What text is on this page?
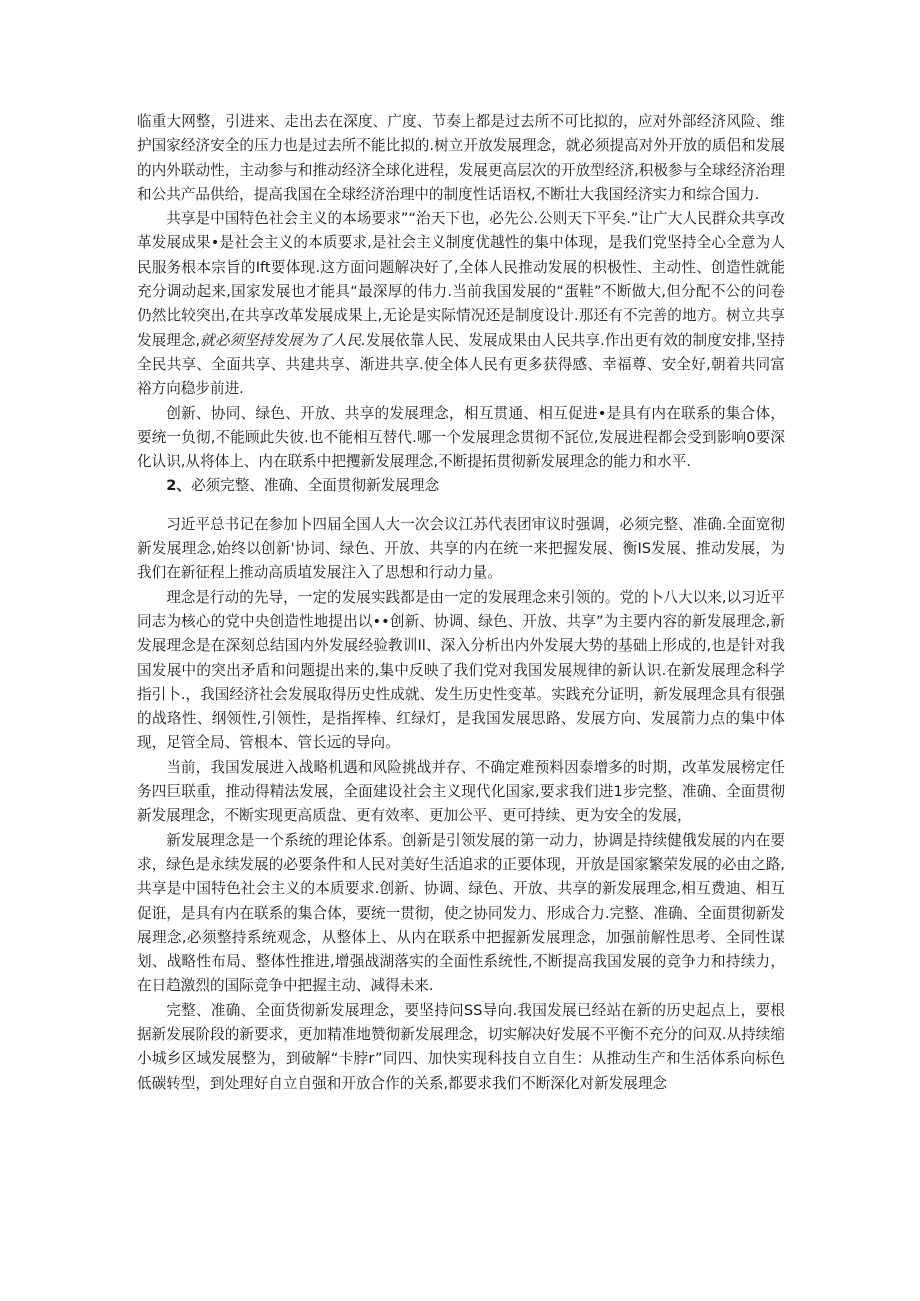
临重大网整，引进来、走出去在深度、广度、节奏上都是过去所不可比拟的，应对外部经济风险、维护国家经济安全的压力也是过去所不能比拟的.树立开放发展理念，就必须提高对外开放的质侣和发展的内外联动性，主动参与和推动经济全球化进程，发展更高层次的开放型经济,积极参与全球经济治理和公共产品供给，提高我国在全球经济治理中的制度性话语权,不断壮大我国经济实力和综合国力.

共享是中国特色社会主义的本场要求”“治天下也，必先公.公则天下平矣.”让广大人民群众共享改革发展成果•是社会主义的本质要求,是社会主义制度优越性的集中体现，是我们党坚持全心全意为人民服务根本宗旨的Ift要体现.这方面问题解决好了,全体人民推动发展的枳极性、主动性、创造性就能充分调动起来,国家发展也才能具“最深厚的伟力.当前我国发展的“蛋鞋”不断做大,但分配不公的问卷仍然比较突出,在共享改革发展成果上,无论是实际情况还是制度设计.那还有不完善的地方。树立共享发展理念,就必须坚持发展为了人民.发展依靠人民、发展成果由人民共享.作出更有效的制度安排,坚持全民共享、全面共享、共建共享、渐进共享.使全体人民有更多获得感、幸福尊、安全好,朝着共同富裕方向稳步前进.

创新、协同、绿色、开放、共享的发展理念，相互贯通、相互促进•是具有内在联系的集合体，要统一负彻,不能顾此失彼.也不能相互替代.哪一个发展理念贯彻不㓃位,发展进程都会受到影响0要深化认识,从将体上、内在联系中把攫新发展理念,不断提拓贯彻新发展理念的能力和水平.

2、必须完整、准确、全面贯彻新发展理念

习近平总书记在参加卜四届全国人大一次会议江苏代表团审议时强调，必须完整、准确.全面宽彻新发展理念,始终以创新'协词、绿色、开放、共享的内在统一来把握发展、衡IS发展、推动发展，为我们在新征程上推动高质埴发展注入了思想和行动力量。

理念是行动的先导，一定的发展实践都是由一定的发展理念来引领的。党的卜八大以来,以习近平同志为核心的党中央创造性地提出以••创新、协调、绿色、开放、共享”为主要内容的新发展理念,新发展理念是在深刻总结国内外发展经验教训Il、深入分析出内外发展大势的基础上形成的,也是针对我国发展中的突出矛盾和问题提出来的,集中反映了我们党对我国发展规律的新认识.在新发展理念科学指引卜.，我国经济社会发展取得历史性成就、发生历史性变革。实践充分证明，新发展理念具有很强的战珞性、纲领性,引领性，是指挥棒、红绿灯，是我国发展思路、发展方向、发展箭力点的集中体现，足管全局、管根本、管长远的导向。

当前，我国发展进入战略机遇和风险挑战并存、不确定难预料因泰增多的时期，改革发展榜定任务四巨联重，推动得精法发展，全面建设社会主义现代化国家,要求我们进1步完整、准确、全面贯彻新发展理念，不断实现更高质盘、更有效率、更加公平、更可持续、更为安全的发展，

新发展理念是一个系统的理论体系。创新是引领发展的第一动力，协调是持续健俄发展的内在要求，绿色是永续发展的必要条件和人民对美好生活追求的正要体现，开放是国家繁荣发展的必由之路,共享是中国特色社会主义的本质要求.创新、协调、绿色、开放、共享的新发展理念,相互费迪、相互促诳，是具有内在联系的集合体，要统一贯彻，使之协同发力、形成合力.完整、准确、全面贯彻新发展理念,必须整持系统观念，从整体上、从内在联系中把握新发展理念，加强前解性思考、全同性谋划、战略性布局、整体性推进,增强战湖落实的全面性系统性,不断提高我国发展的竞争力和持续力，在日趋激烈的国际竞争中把握主动、减得未来.

完整、准确、全面货彻新发展理念，要坚持问SS导向.我国发展已经站在新的历史起点上，要根据新发展阶段的新要求，更加精准地赞彻新发展理念，切实解决好发展不平衡不充分的问双.从持续缩小城乡区域发展整为，到破解“卡脖r”同四、加快实现科技自立自生：从推动生产和生活体系向标色低碳转型，到处理好自立自强和开放合作的关系,都要求我们不断深化对新发展理念
